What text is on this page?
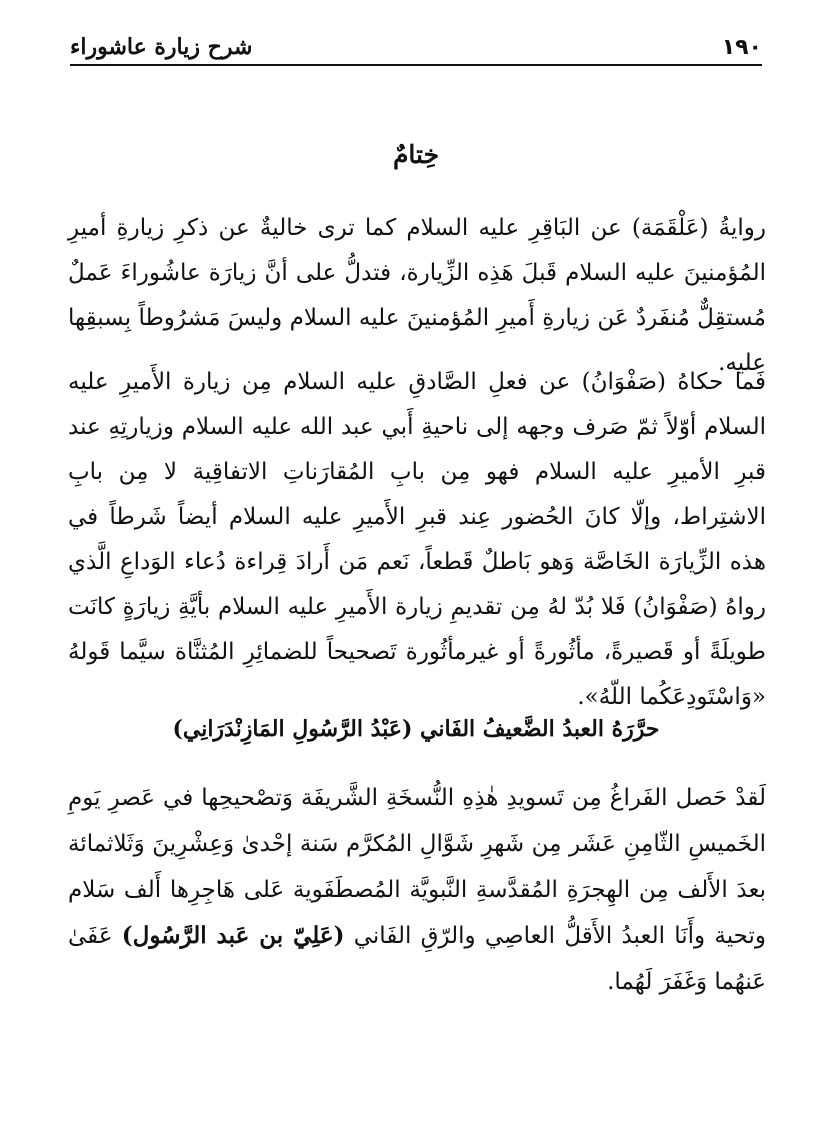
١٩٠
شرح زيارة عاشوراء
خِتامٌ

روايةُ (عَلْقَمَة) عن البَاقِرِ عليه السلام كما ترى خاليةٌ عن ذكرِ زيارةِ أميرِ المُؤمنينَ عليه السلام قَبلَ هَذِه الزِّيارة، فتدلُّ على أنَّ زيارَة عاشُوراءَ عَملٌ مُستقِلٌّ مُنفَردٌ عَن زيارةِ أَميرِ المُؤمنينَ عليه السلام وليسَ مَشرُوطاً بِسبقِها عليه.

فَما حكاهُ (صَفْوَانُ) عن فعلِ الصَّادقِ عليه السلام مِن زيارة الأَميرِ عليه السلام أوّلاً ثمّ صَرف وجهه إلى ناحيةِ أَبي عبد الله عليه السلام وزيارتِهِ عند قبرِ الأميرِ عليه السلام فهو مِن بابِ المُقارَناتِ الاتفاقِية لا مِن بابِ الاشتِراط، وإلّا كانَ الحُضور عِند قبرِ الأَميرِ عليه السلام أيضاً شَرطاً في هذه الزِّيارَة الخَاصَّة وَهو بَاطلٌ قَطعاً، نَعم مَن أَرادَ قِراءة دُعاء الوَداعِ الَّذي رواهُ (صَفْوَانُ) فَلا بُدّ لهُ مِن تقديمِ زيارة الأَميرِ عليه السلام بأيَّةِ زيارَةٍ كانَت طويلَةً أو قَصيرةً، مأثُورةً أو غيرمأثُورة تَصحيحاً للضمائِرِ المُثنَّاة سيَّما قَولهُ «وَاسْتَودِعَكُما اللّهُ».

حرَّرَهُ العبدُ الضَّعيفُ الفَاني (عَبْدُ الرَّسُولِ المَازِنْدَرَانِي)

لَقدْ حَصل الفَراغُ مِن تَسويدِ هٰذِهِ النُّسخَةِ الشَّريفَة وَتصْحيحِها في عَصرِ يَومِ الخَميسِ الثّامِنِ عَشَر مِن شَهرِ شَوَّالِ المُكرَّم سَنة إحْدىٰ وَعِشْرِينَ وَثَلاثمائة بعدَ الأَلف مِن الهِجرَةِ المُقدَّسةِ النَّبويَّة المُصطَفَوية عَلى هَاجِرِها أَلف سَلام وتحية وأَنَا العبدُ الأَقلُّ العاصِي والرّقِ الفَاني (عَلِيّ بن عَبد الرَّسُول) عَفَىٰ عَنهُما وَغَفَرَ لَهُما.
